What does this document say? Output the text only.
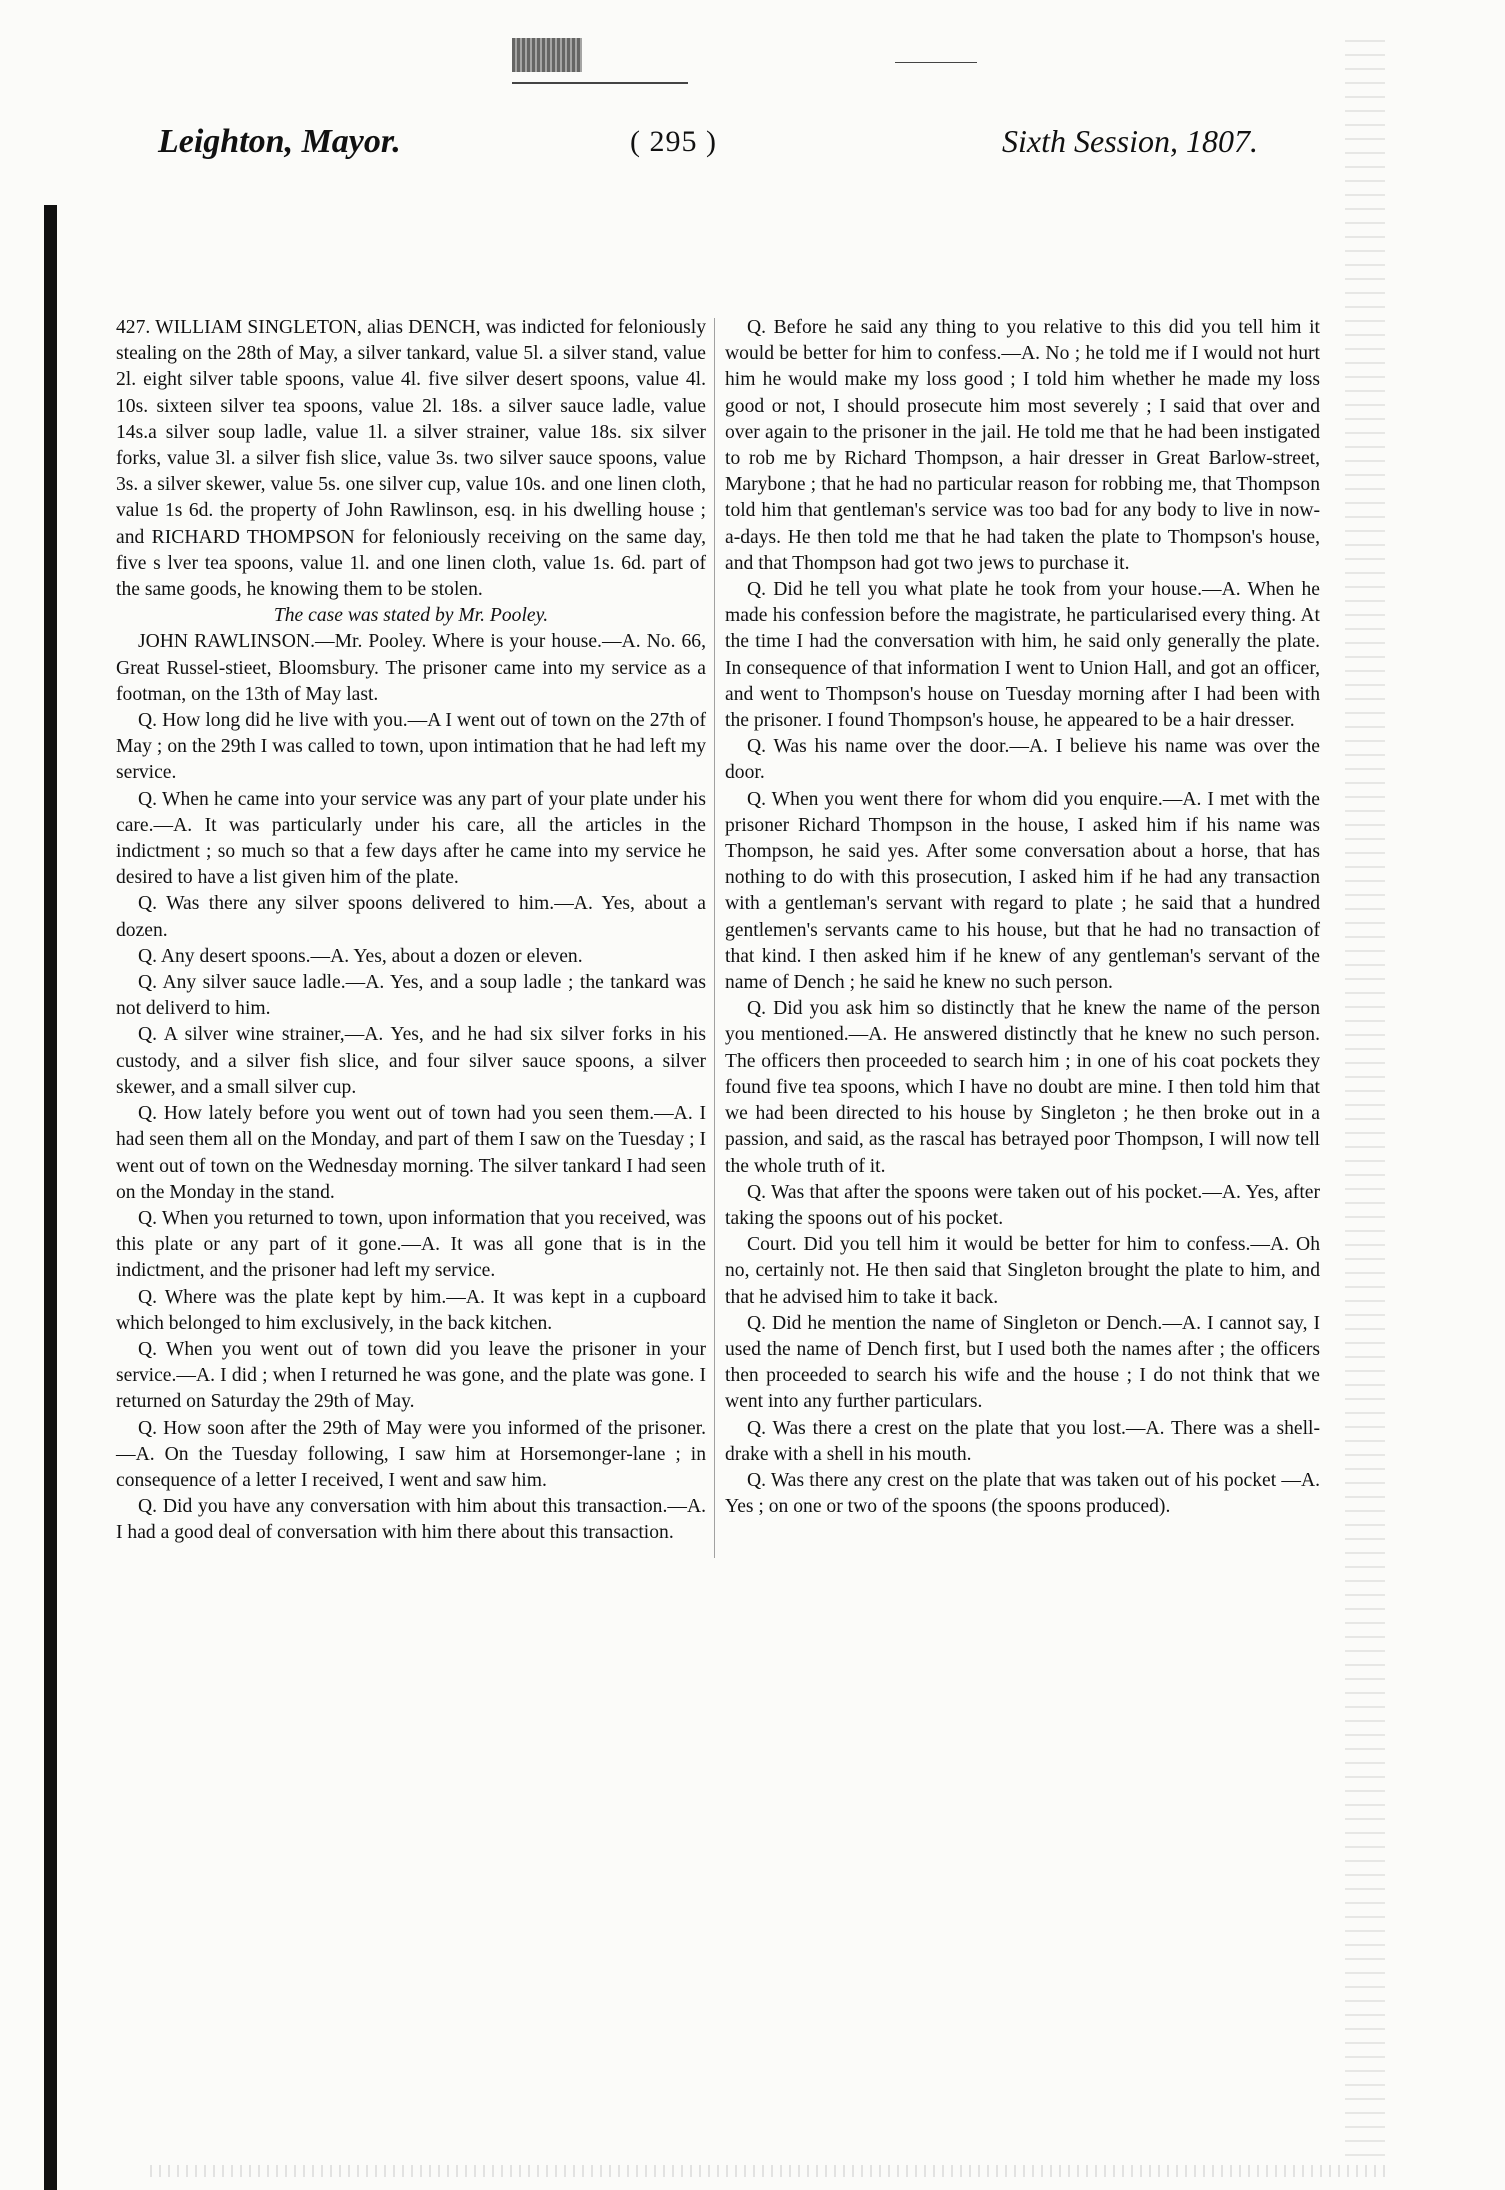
Leighton, Mayor.	( 295 )	Sixth Session, 1807.

427. WILLIAM SINGLETON, alias DENCH, was indicted for feloniously stealing on the 28th of May, a silver tankard, value 5l. a silver stand, value 2l. eight silver table spoons, value 4l. five silver desert spoons, value 4l. 10s. sixteen silver tea spoons, value 2l. 18s. a silver sauce ladle, value 14s.a silver soup ladle, value 1l. a silver strainer, value 18s. six silver forks, value 3l. a silver fish slice, value 3s. two silver sauce spoons, value 3s. a silver skewer, value 5s. one silver cup, value 10s. and one linen cloth, value 1s 6d. the property of John Rawlinson, esq. in his dwelling house ; and RICHARD THOMPSON for feloniously receiving on the same day, five s lver tea spoons, value 1l. and one linen cloth, value 1s. 6d. part of the same goods, he knowing them to be stolen.

The case was stated by Mr. Pooley.

JOHN RAWLINSON.—Mr. Pooley. Where is your house.—A. No. 66, Great Russel-stieet, Bloomsbury. The prisoner came into my service as a footman, on the 13th of May last.

Q. How long did he live with you.—A I went out of town on the 27th of May ; on the 29th I was called to town, upon intimation that he had left my service.

Q. When he came into your service was any part of your plate under his care.—A. It was particularly under his care, all the articles in the indictment ; so much so that a few days after he came into my service he desired to have a list given him of the plate.

Q. Was there any silver spoons delivered to him.—A. Yes, about a dozen.

Q. Any desert spoons.—A. Yes, about a dozen or eleven.

Q. Any silver sauce ladle.—A. Yes, and a soup ladle ; the tankard was not deliverd to him.

Q. A silver wine strainer,—A. Yes, and he had six silver forks in his custody, and a silver fish slice, and four silver sauce spoons, a silver skewer, and a small silver cup.

Q. How lately before you went out of town had you seen them.—A. I had seen them all on the Monday, and part of them I saw on the Tuesday ; I went out of town on the Wednesday morning. The silver tankard I had seen on the Monday in the stand.

Q. When you returned to town, upon information that you received, was this plate or any part of it gone.—A. It was all gone that is in the indictment, and the prisoner had left my service.

Q. Where was the plate kept by him.—A. It was kept in a cupboard which belonged to him exclusively, in the back kitchen.

Q. When you went out of town did you leave the prisoner in your service.—A. I did ; when I returned he was gone, and the plate was gone. I returned on Saturday the 29th of May.

Q. How soon after the 29th of May were you informed of the prisoner.—A. On the Tuesday following, I saw him at Horsemonger-lane ; in consequence of a letter I received, I went and saw him.

Q. Did you have any conversation with him about this transaction.—A. I had a good deal of conversation with him there about this transaction.

Q. Before he said any thing to you relative to this did you tell him it would be better for him to confess.—A. No ; he told me if I would not hurt him he would make my loss good ; I told him whether he made my loss good or not, I should prosecute him most severely ; I said that over and over again to the prisoner in the jail. He told me that he had been instigated to rob me by Richard Thompson, a hair dresser in Great Barlow-street, Marybone ; that he had no particular reason for robbing me, that Thompson told him that gentleman's service was too bad for any body to live in now-a-days. He then told me that he had taken the plate to Thompson's house, and that Thompson had got two jews to purchase it.

Q. Did he tell you what plate he took from your house.—A. When he made his confession before the magistrate, he particularised every thing. At the time I had the conversation with him, he said only generally the plate. In consequence of that information I went to Union Hall, and got an officer, and went to Thompson's house on Tuesday morning after I had been with the prisoner. I found Thompson's house, he appeared to be a hair dresser.

Q. Was his name over the door.—A. I believe his name was over the door.

Q. When you went there for whom did you enquire.—A. I met with the prisoner Richard Thompson in the house, I asked him if his name was Thompson, he said yes. After some conversation about a horse, that has nothing to do with this prosecution, I asked him if he had any transaction with a gentleman's servant with regard to plate ; he said that a hundred gentlemen's servants came to his house, but that he had no transaction of that kind. I then asked him if he knew of any gentleman's servant of the name of Dench ; he said he knew no such person.

Q. Did you ask him so distinctly that he knew the name of the person you mentioned.—A. He answered distinctly that he knew no such person. The officers then proceeded to search him ; in one of his coat pockets they found five tea spoons, which I have no doubt are mine. I then told him that we had been directed to his house by Singleton ; he then broke out in a passion, and said, as the rascal has betrayed poor Thompson, I will now tell the whole truth of it.

Q. Was that after the spoons were taken out of his pocket.—A. Yes, after taking the spoons out of his pocket.

Court. Did you tell him it would be better for him to confess.—A. Oh no, certainly not. He then said that Singleton brought the plate to him, and that he advised him to take it back.

Q. Did he mention the name of Singleton or Dench.—A. I cannot say, I used the name of Dench first, but I used both the names after ; the officers then proceeded to search his wife and the house ; I do not think that we went into any further particulars.

Q. Was there a crest on the plate that you lost.—A. There was a shell-drake with a shell in his mouth.

Q. Was there any crest on the plate that was taken out of his pocket —A. Yes ; on one or two of the spoons (the spoons produced).
